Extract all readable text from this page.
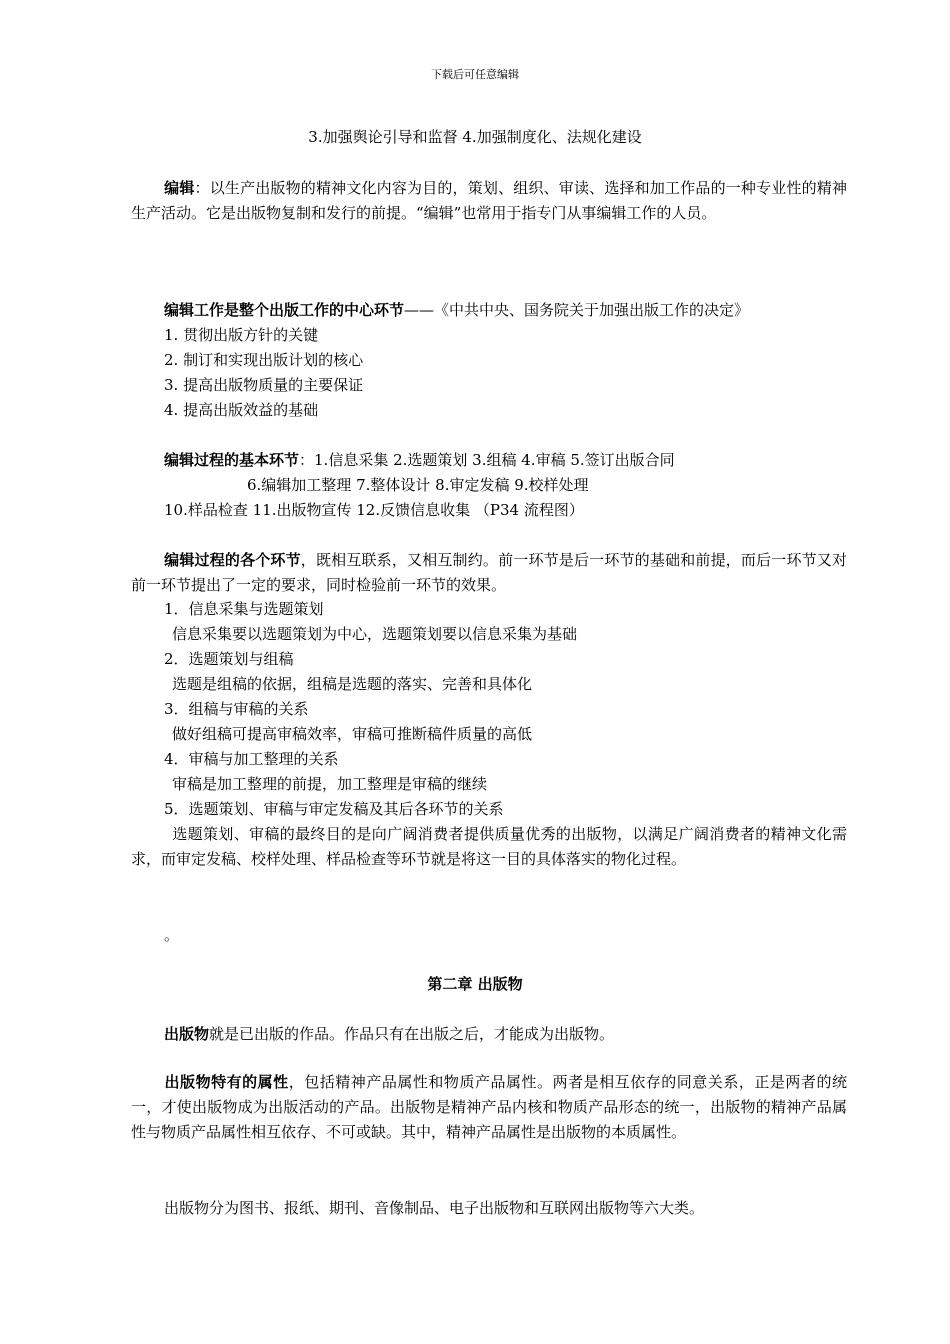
下载后可任意编辑
3.加强舆论引导和监督 4.加强制度化、法规化建设
编辑：以生产出版物的精神文化内容为目的，策划、组织、审读、选择和加工作品的一种专业性的精神生产活动。它是出版物复制和发行的前提。“编辑”也常用于指专门从事编辑工作的人员。
编辑工作是整个出版工作的中心环节——《中共中央、国务院关于加强出版工作的决定》
1. 贯彻出版方针的关键
2. 制订和实现出版计划的核心
3. 提高出版物质量的主要保证
4. 提高出版效益的基础
编辑过程的基本环节：1.信息采集 2.选题策划 3.组稿 4.审稿 5.签订出版合同
6.编辑加工整理 7.整体设计 8.审定发稿 9.校样处理
10.样品检查 11.出版物宣传 12.反馈信息收集 （P34 流程图）
编辑过程的各个环节，既相互联系，又相互制约。前一环节是后一环节的基础和前提，而后一环节又对前一环节提出了一定的要求，同时检验前一环节的效果。
1．信息采集与选题策划
信息采集要以选题策划为中心，选题策划要以信息采集为基础
2．选题策划与组稿
选题是组稿的依据，组稿是选题的落实、完善和具体化
3．组稿与审稿的关系
做好组稿可提高审稿效率，审稿可推断稿件质量的高低
4．审稿与加工整理的关系
审稿是加工整理的前提，加工整理是审稿的继续
5．选题策划、审稿与审定发稿及其后各环节的关系
选题策划、审稿的最终目的是向广阔消费者提供质量优秀的出版物，以满足广阔消费者的精神文化需求，而审定发稿、校样处理、样品检查等环节就是将这一目的具体落实的物化过程。
。
第二章 出版物
出版物就是已出版的作品。作品只有在出版之后，才能成为出版物。
出版物特有的属性，包括精神产品属性和物质产品属性。两者是相互依存的同意关系，正是两者的统一，才使出版物成为出版活动的产品。出版物是精神产品内核和物质产品形态的统一，出版物的精神产品属性与物质产品属性相互依存、不可或缺。其中，精神产品属性是出版物的本质属性。
出版物分为图书、报纸、期刊、音像制品、电子出版物和互联网出版物等六大类。
